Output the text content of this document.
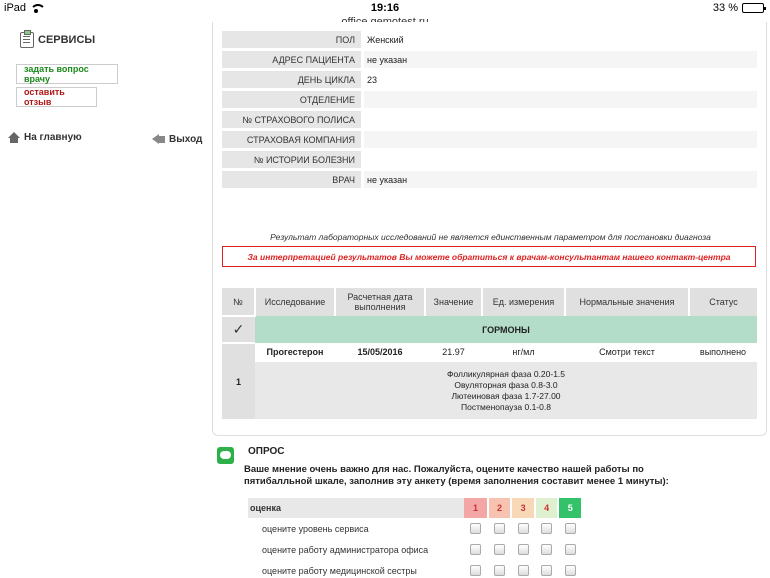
iPad	19:16	33 %
СЕРВИСЫ
задать вопрос врачу
оставить отзыв
На главную	Выход
ПОЛ	Женский
АДРЕС ПАЦИЕНТА	не указан
ДЕНЬ ЦИКЛА	23
ОТДЕЛЕНИЕ	
№ СТРАХОВОГО ПОЛИСА	
СТРАХОВАЯ КОМПАНИЯ	
№ ИСТОРИИ БОЛЕЗНИ	
ВРАЧ	не указан
Результат лабораторных исследований не является единственным параметром для постановки диагноза
За интерпретацией результатов Вы можете обратиться к врачам-консультантам нашего контакт-центра
№	Исследование	Расчетная дата выполнения	Значение	Ед. измерения	Нормальные значения	Статус
✓	ГОРМОНЫ					
1	Прогестерон	15/05/2016	21.97	нг/мл	Смотри текст	выполнено

	Фолликулярная фаза 0.20-1.5
Овуляторная фаза 0.8-3.0
Лютеиновая фаза 1.7-27.00
Постменопауза 0.1-0.8					
ОПРОС
Ваше мнение очень важно для нас. Пожалуйста, оцените качество нашей работы по пятибалльной шкале, заполнив эту анкету (время заполнения составит менее 1 минуты):
оценка	1	2	3	4	5
оцените уровень сервиса					
оцените работу администратора офиса					
оцените работу медицинской сестры					
